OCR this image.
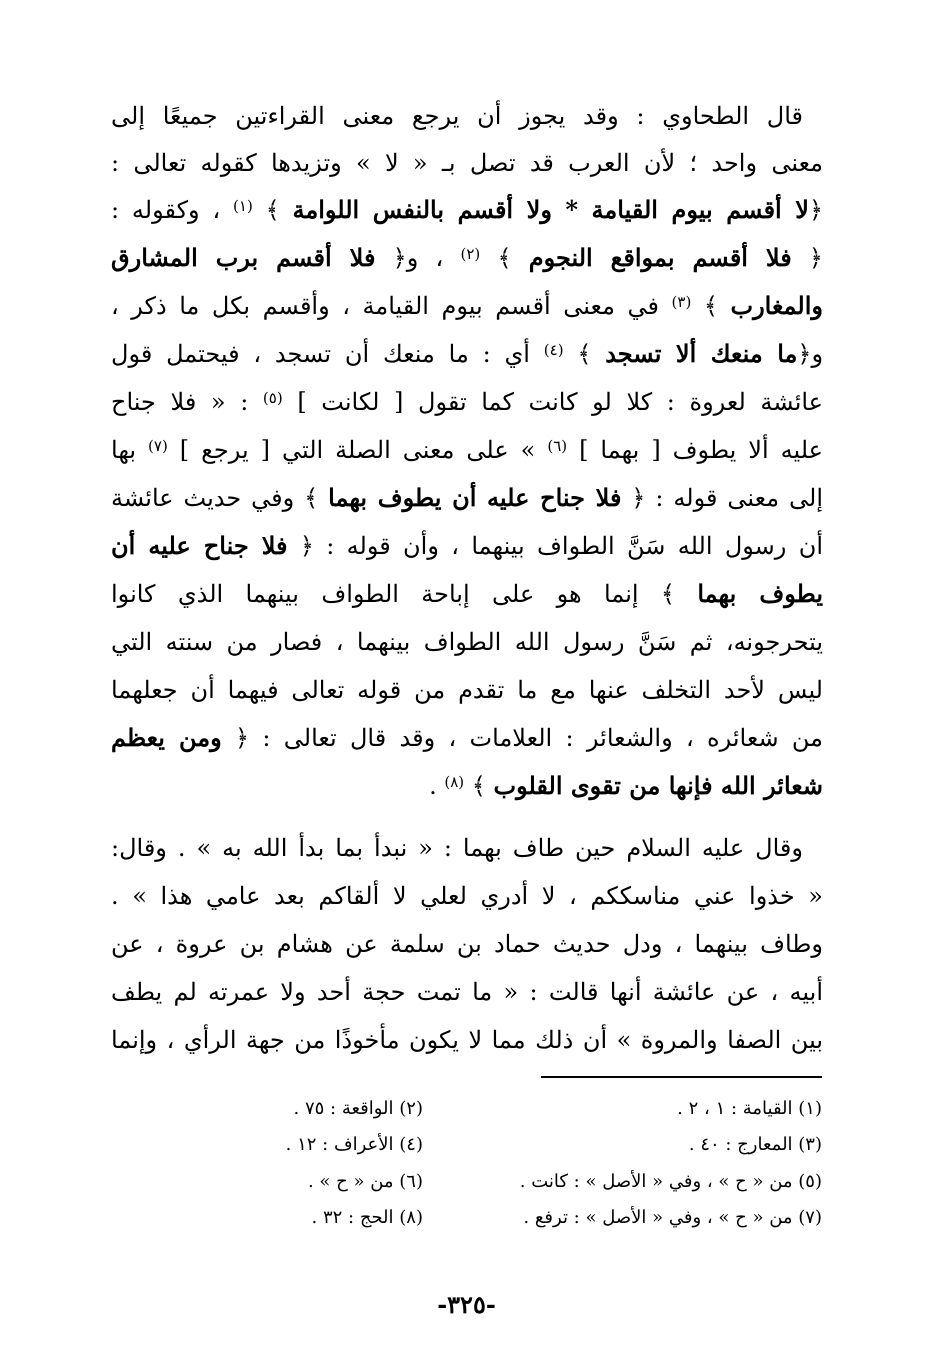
قال الطحاوي : وقد يجوز أن يرجع معنى القراءتين جميعًا إلى
معنى واحد ؛ لأن العرب قد تصل بـ « لا » وتزيدها كقوله تعالى :
﴿لا أقسم بيوم القيامة * ولا أقسم بالنفس اللوامة ﴾ $^{(١)}$ ، وكقوله :
﴿ فلا أقسم بمواقع النجوم ﴾ $^{(٢)}$ ، و﴿ فلا أقسم برب المشارق
والمغارب ﴾ $^{(٣)}$ في معنى أقسم بيوم القيامة ، وأقسم بكل ما ذكر ،
و﴿ما منعك ألا تسجد ﴾ $^{(٤)}$ أي : ما منعك أن تسجد ، فيحتمل قول
عائشة لعروة : كلا لو كانت كما تقول [ لكانت ] $^{(٥)}$ : « فلا جناح
عليه ألا يطوف [ بهما ] $^{(٦)}$ » على معنى الصلة التي [ يرجع ] $^{(٧)}$ بها
إلى معنى قوله : ﴿ فلا جناح عليه أن يطوف بهما ﴾ وفي حديث عائشة
أن رسول الله سَنَّ الطواف بينهما ، وأن قوله : ﴿ فلا جناح عليه أن
يطوف بهما ﴾ إنما هو على إباحة الطواف بينهما الذي كانوا
يتحرجونه، ثم سَنَّ رسول الله الطواف بينهما ، فصار من سنته التي
ليس لأحد التخلف عنها مع ما تقدم من قوله تعالى فيهما أن جعلهما
من شعائره ، والشعائر : العلامات ، وقد قال تعالى : ﴿ ومن يعظم
شعائر الله فإنها من تقوى القلوب ﴾ $^{(٨)}$ .
وقال عليه السلام حين طاف بهما : « نبدأ بما بدأ الله به » . وقال:
« خذوا عني مناسككم ، لا أدري لعلي لا ألقاكم بعد عامي هذا » .
وطاف بينهما ، ودل حديث حماد بن سلمة عن هشام بن عروة ، عن
أبيه ، عن عائشة أنها قالت : « ما تمت حجة أحد ولا عمرته لم يطف
بين الصفا والمروة » أن ذلك مما لا يكون مأخوذًا من جهة الرأي ، وإنما
(١) القيامة : ١ ، ٢ .
(٢) الواقعة : ٧٥ .
(٣) المعارج : ٤٠ .
(٤) الأعراف : ١٢ .
(٥) من « ح » ، وفي « الأصل » : كانت .
(٦) من « ح » .
(٧) من « ح » ، وفي « الأصل » : ترفع .
(٨) الحج : ٣٢ .
-٣٢٥-
